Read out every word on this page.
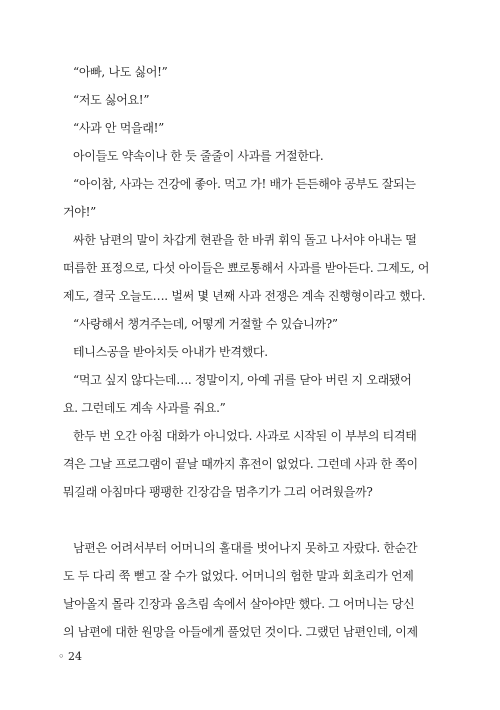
“아빠, 나도 싫어!”
“저도 싫어요!”
“사과 안 먹을래!”
아이들도 약속이나 한 듯 줄줄이 사과를 거절한다.
“아이참, 사과는 건강에 좋아. 먹고 가! 배가 든든해야 공부도 잘되는
거야!”
싸한 남편의 말이 차갑게 현관을 한 바퀴 휘익 돌고 나서야 아내는 떨
떠름한 표정으로, 다섯 아이들은 뾰로통해서 사과를 받아든다. 그제도, 어
제도, 결국 오늘도…. 벌써 몇 년째 사과 전쟁은 계속 진행형이라고 했다.
“사랑해서 챙겨주는데, 어떻게 거절할 수 있습니까?”
테니스공을 받아치듯 아내가 반격했다.
“먹고 싶지 않다는데…. 정말이지, 아예 귀를 닫아 버린 지 오래됐어
요. 그런데도 계속 사과를 줘요.”
한두 번 오간 아침 대화가 아니었다. 사과로 시작된 이 부부의 티격태
격은 그날 프로그램이 끝날 때까지 휴전이 없었다. 그런데 사과 한 쪽이
뭐길래 아침마다 팽팽한 긴장감을 멈추기가 그리 어려웠을까?
남편은 어려서부터 어머니의 홀대를 벗어나지 못하고 자랐다. 한순간
도 두 다리 쭉 뻗고 잘 수가 없었다. 어머니의 험한 말과 회초리가 언제
날아올지 몰라 긴장과 옴츠림 속에서 살아야만 했다. 그 어머니는 당신
의 남편에 대한 원망을 아들에게 풀었던 것이다. 그랬던 남편인데, 이제
◦ 24
